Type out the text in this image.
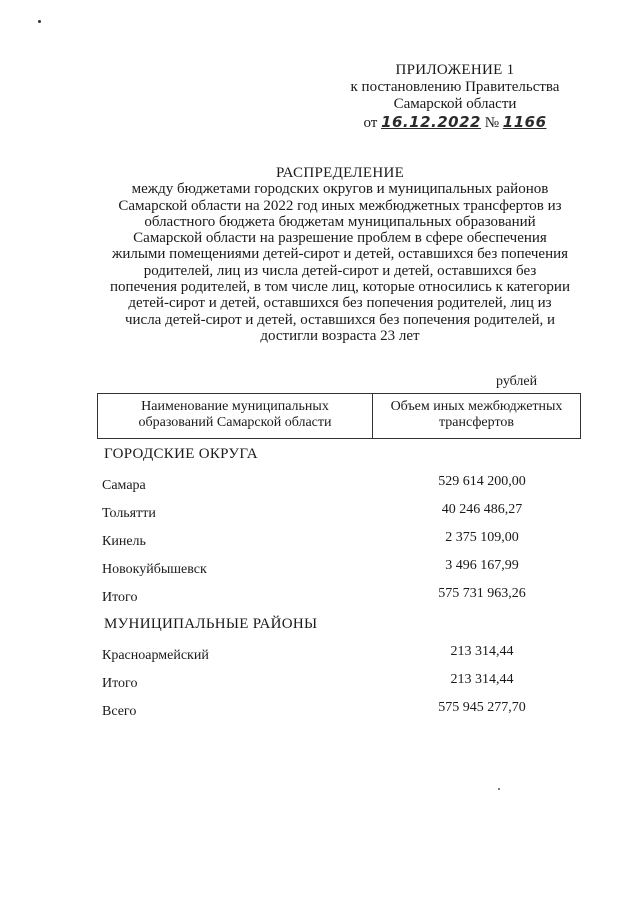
ПРИЛОЖЕНИЕ 1
к постановлению Правительства
Самарской области
от 16.12.2022 № 1166
РАСПРЕДЕЛЕНИЕ
между бюджетами городских округов и муниципальных районов
Самарской области на 2022 год иных межбюджетных трансфертов из
областного бюджета бюджетам муниципальных образований
Самарской области на разрешение проблем в сфере обеспечения
жилыми помещениями детей-сирот и детей, оставшихся без попечения
родителей, лиц из числа детей-сирот и детей, оставшихся без
попечения родителей, в том числе лиц, которые относились к категории
детей-сирот и детей, оставшихся без попечения родителей, лиц из
числа детей-сирот и детей, оставшихся без попечения родителей, и
достигли возраста 23 лет
рублей
Наименование муниципальных
образований Самарской области
Объем иных межбюджетных
трансфертов
ГОРОДСКИЕ ОКРУГА
Самара	529 614 200,00
Тольятти	40 246 486,27
Кинель	2 375 109,00
Новокуйбышевск	3 496 167,99
Итого	575 731 963,26
МУНИЦИПАЛЬНЫЕ РАЙОНЫ
Красноармейский	213 314,44
Итого	213 314,44
Всего	575 945 277,70
